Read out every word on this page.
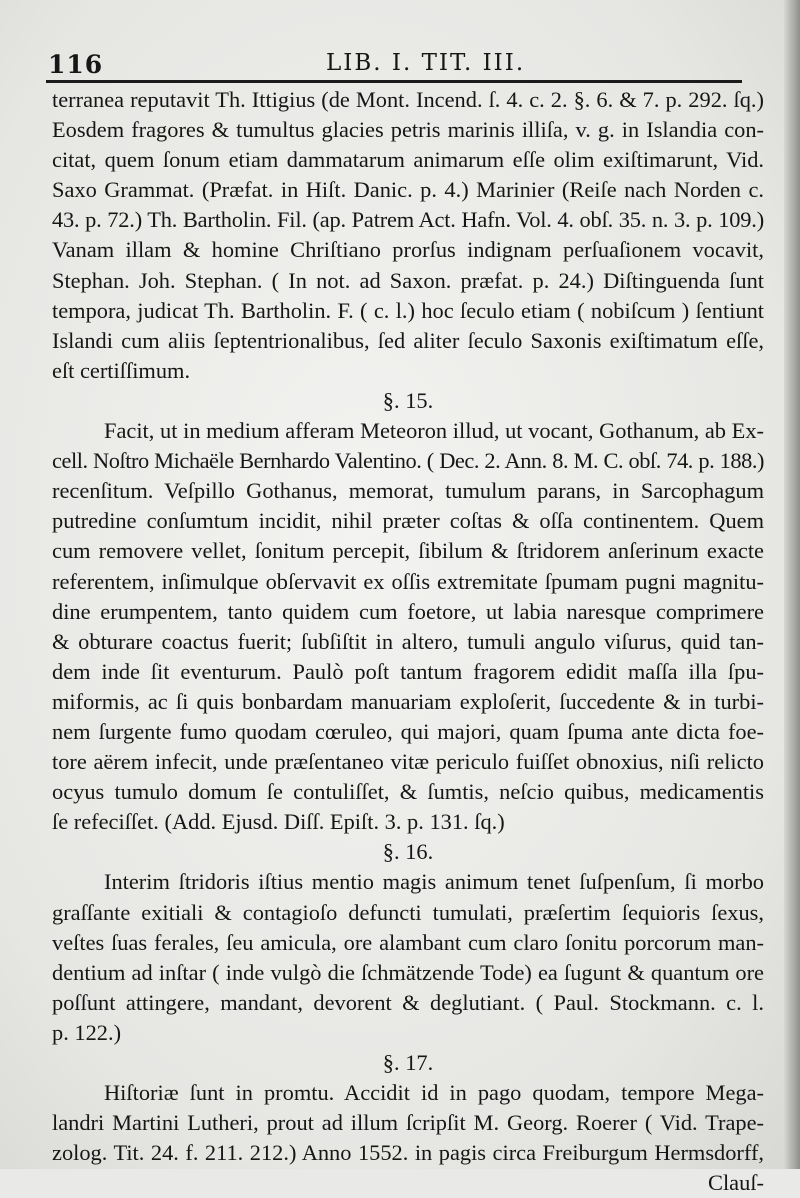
116	LIB. I. TIT. III.
terranea reputavit Th. Ittigius (de Mont. Incend. ſ. 4. c. 2. §. 6. & 7. p. 292. ſq.)
Eosdem fragores & tumultus glacies petris marinis illiſa, v. g. in Islandia con-
citat, quem ſonum etiam dammatarum animarum eſſe olim exiſtimarunt, Vid.
Saxo Grammat. (Præfat. in Hiſt. Danic. p. 4.) Marinier (Reiſe nach Norden c.
43. p. 72.) Th. Bartholin. Fil. (ap. Patrem Act. Hafn. Vol. 4. obſ. 35. n. 3. p. 109.)
Vanam illam & homine Chriſtiano prorſus indignam perſuaſionem vocavit,
Stephan. Joh. Stephan. ( In not. ad Saxon. præfat. p. 24.) Diſtinguenda ſunt
tempora, judicat Th. Bartholin. F. ( c. l.) hoc ſeculo etiam ( nobiſcum ) ſentiunt
Islandi cum aliis ſeptentrionalibus, ſed aliter ſeculo Saxonis exiſtimatum eſſe,
eſt certiſſimum.
§. 15.
Facit, ut in medium afferam Meteoron illud, ut vocant, Gothanum, ab Ex-
cell. Noſtro Michaële Bernhardo Valentino. ( Dec. 2. Ann. 8. M. C. obſ. 74. p. 188.)
recenſitum. Veſpillo Gothanus, memorat, tumulum parans, in Sarcophagum
putredine conſumtum incidit, nihil præter coſtas & oſſa continentem. Quem
cum removere vellet, ſonitum percepit, ſibilum & ſtridorem anſerinum exacte
referentem, inſimulque obſervavit ex oſſis extremitate ſpumam pugni magnitu-
dine erumpentem, tanto quidem cum foetore, ut labia naresque comprimere
& obturare coactus fuerit; ſubſiſtit in altero, tumuli angulo viſurus, quid tan-
dem inde ſit eventurum. Paulò poſt tantum fragorem edidit maſſa illa ſpu-
miformis, ac ſi quis bonbardam manuariam exploſerit, ſuccedente & in turbi-
nem ſurgente fumo quodam cœruleo, qui majori, quam ſpuma ante dicta foe-
tore aërem infecit, unde præſentaneo vitæ periculo fuiſſet obnoxius, niſi relicto
ocyus tumulo domum ſe contuliſſet, & ſumtis, neſcio quibus, medicamentis
ſe refeciſſet. (Add. Ejusd. Diſſ. Epiſt. 3. p. 131. ſq.)
§. 16.
Interim ſtridoris iſtius mentio magis animum tenet ſuſpenſum, ſi morbo
graſſante exitiali & contagioſo defuncti tumulati, præſertim ſequioris ſexus,
veſtes ſuas ferales, ſeu amicula, ore alambant cum claro ſonitu porcorum man-
dentium ad inſtar ( inde vulgò die ſchmätzende Tode) ea ſugunt & quantum ore
poſſunt attingere, mandant, devorent & deglutiant. ( Paul. Stockmann. c. l.
p. 122.)
§. 17.
Hiſtoriæ ſunt in promtu. Accidit id in pago quodam, tempore Mega-
landri Martini Lutheri, prout ad illum ſcripſit M. Georg. Roerer ( Vid. Trape-
zolog. Tit. 24. f. 211. 212.) Anno 1552. in pagis circa Freiburgum Hermsdorff,
Clauſ-
